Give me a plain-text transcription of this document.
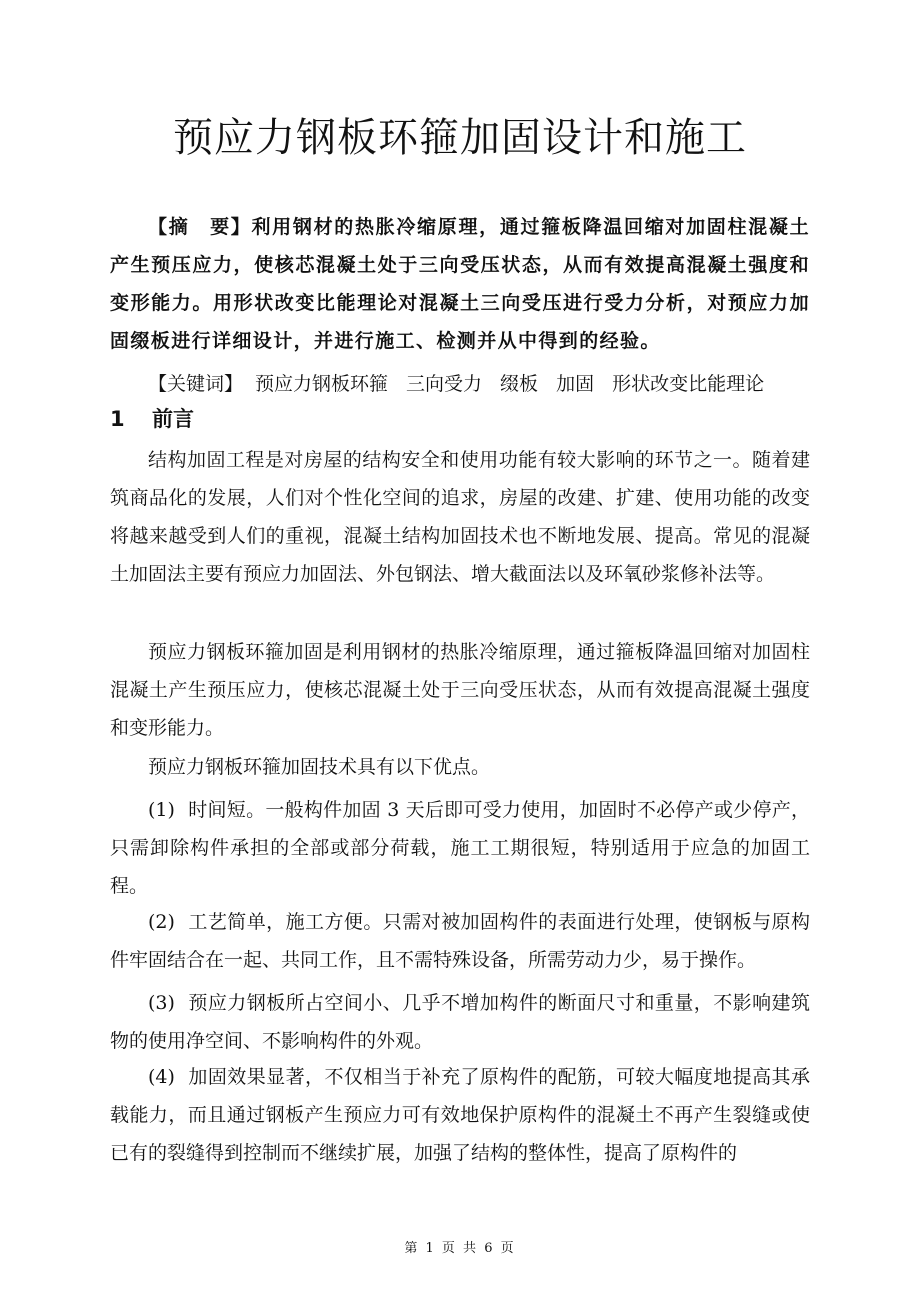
预应力钢板环箍加固设计和施工

【摘　要】利用钢材的热胀冷缩原理，通过箍板降温回缩对加固柱混凝土产生预压应力，使核芯混凝土处于三向受压状态，从而有效提高混凝土强度和变形能力。用形状改变比能理论对混凝土三向受压进行受力分析，对预应力加固缀板进行详细设计，并进行施工、检测并从中得到的经验。

【关键词】 预应力钢板环箍 三向受力 缀板 加固 形状改变比能理论

1 前言

结构加固工程是对房屋的结构安全和使用功能有较大影响的环节之一。随着建筑商品化的发展，人们对个性化空间的追求，房屋的改建、扩建、使用功能的改变将越来越受到人们的重视，混凝土结构加固技术也不断地发展、提高。常见的混凝土加固法主要有预应力加固法、外包钢法、增大截面法以及环氧砂浆修补法等。

预应力钢板环箍加固是利用钢材的热胀冷缩原理，通过箍板降温回缩对加固柱混凝土产生预压应力，使核芯混凝土处于三向受压状态，从而有效提高混凝土强度和变形能力。

预应力钢板环箍加固技术具有以下优点。

(1) 时间短。一般构件加固 3 天后即可受力使用，加固时不必停产或少停产，只需卸除构件承担的全部或部分荷载，施工工期很短，特别适用于应急的加固工程。

(2) 工艺简单，施工方便。只需对被加固构件的表面进行处理，使钢板与原构件牢固结合在一起、共同工作，且不需特殊设备，所需劳动力少，易于操作。

(3) 预应力钢板所占空间小、几乎不增加构件的断面尺寸和重量，不影响建筑物的使用净空间、不影响构件的外观。

(4) 加固效果显著，不仅相当于补充了原构件的配筋，可较大幅度地提高其承载能力，而且通过钢板产生预应力可有效地保护原构件的混凝土不再产生裂缝或使已有的裂缝得到控制而不继续扩展，加强了结构的整体性，提高了原构件的

第 1 页 共 6 页
